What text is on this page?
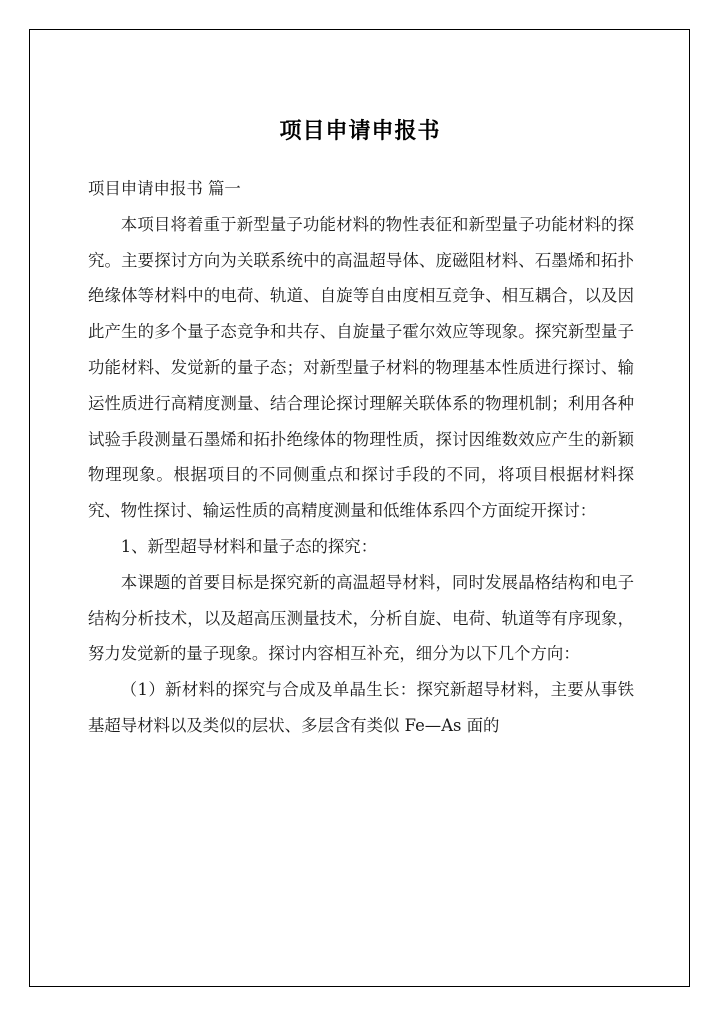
项目申请申报书

项目申请申报书 篇一

本项目将着重于新型量子功能材料的物性表征和新型量子功能材料的探究。主要探讨方向为关联系统中的高温超导体、庞磁阻材料、石墨烯和拓扑绝缘体等材料中的电荷、轨道、自旋等自由度相互竞争、相互耦合，以及因此产生的多个量子态竞争和共存、自旋量子霍尔效应等现象。探究新型量子功能材料、发觉新的量子态；对新型量子材料的物理基本性质进行探讨、输运性质进行高精度测量、结合理论探讨理解关联体系的物理机制；利用各种试验手段测量石墨烯和拓扑绝缘体的物理性质，探讨因维数效应产生的新颖　物理现象。根据项目的不同侧重点和探讨手段的不同，将项目根据材料探究、物性探讨、输运性质的高精度测量和低维体系四个方面绽开探讨：

1、新型超导材料和量子态的探究：

本课题的首要目标是探究新的高温超导材料，同时发展晶格结构和电子结构分析技术，以及超高压测量技术，分析自旋、电荷、轨道等有序现象，努力发觉新的量子现象。探讨内容相互补充，细分为以下几个方向：

（1）新材料的探究与合成及单晶生长：探究新超导材料，主要从事铁基超导材料以及类似的层状、多层含有类似 Fe—As 面的
